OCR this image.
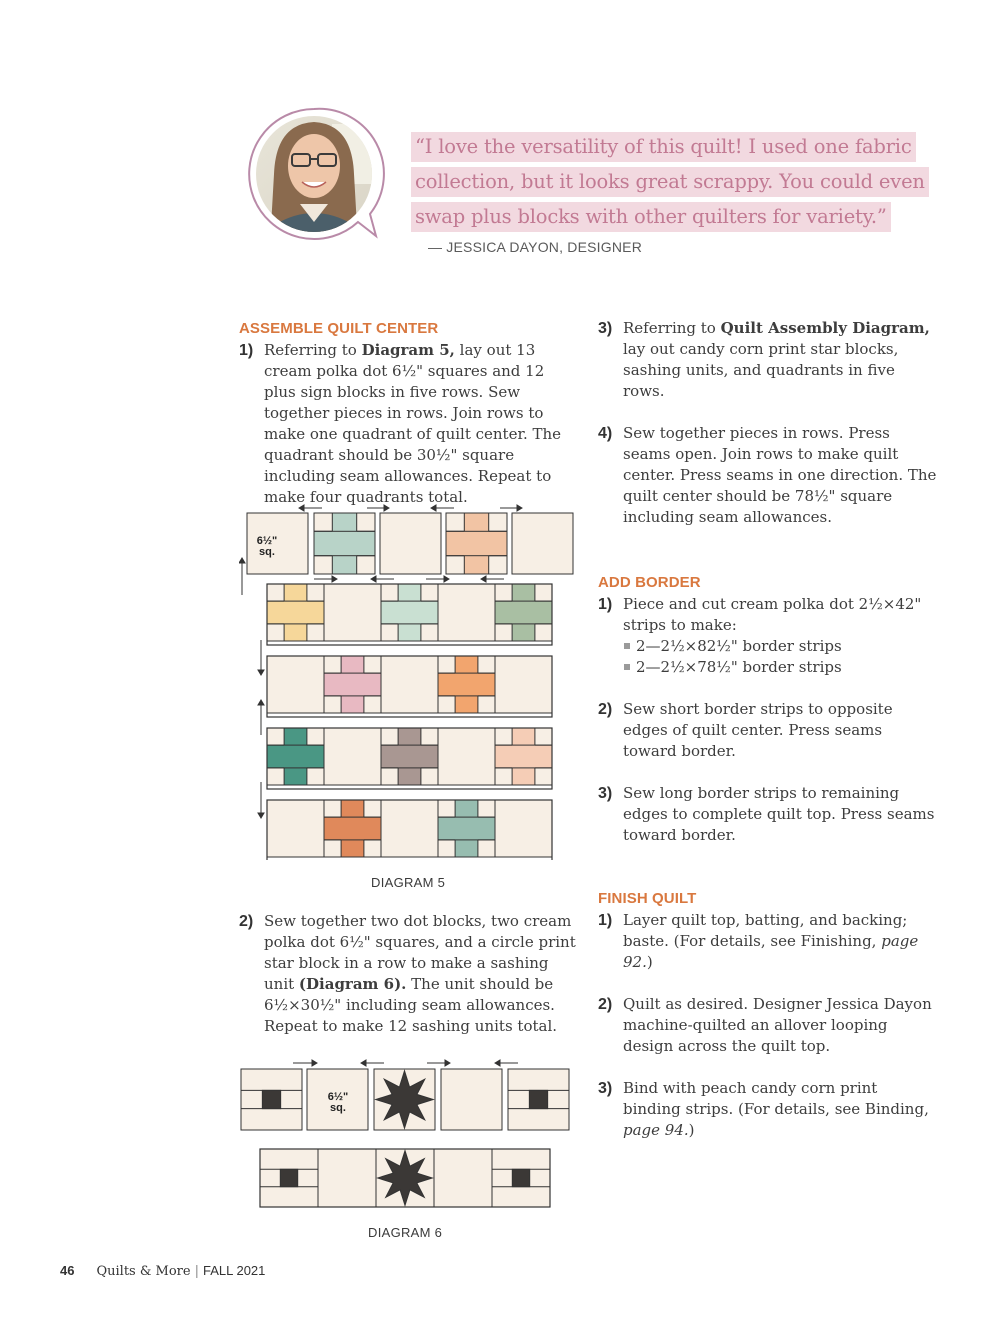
“I love the versatility of this quilt! I used one fabric
collection, but it looks great scrappy. You could even
swap plus blocks with other quilters for variety.”
— JESSICA DAYON, DESIGNER
ASSEMBLE QUILT CENTER
1) Referring to Diagram 5, lay out 13 cream polka dot 6½" squares and 12 plus sign blocks in five rows. Sew together pieces in rows. Join rows to make one quadrant of quilt center. The quadrant should be 30½" square including seam allowances. Repeat to make four quadrants total.
6½"
sq.
DIAGRAM 5
2) Sew together two dot blocks, two cream polka dot 6½" squares, and a circle print star block in a row to make a sashing unit (Diagram 6). The unit should be 6½×30½" including seam allowances. Repeat to make 12 sashing units total.
6½"
sq.
DIAGRAM 6
3) Referring to Quilt Assembly Diagram, lay out candy corn print star blocks, sashing units, and quadrants in five rows.
4) Sew together pieces in rows. Press seams open. Join rows to make quilt center. Press seams in one direction. The quilt center should be 78½" square including seam allowances.
ADD BORDER
1) Piece and cut cream polka dot 2½×42" strips to make:
2—2½×82½" border strips
2—2½×78½" border strips
2) Sew short border strips to opposite edges of quilt center. Press seams toward border.
3) Sew long border strips to remaining edges to complete quilt top. Press seams toward border.
FINISH QUILT
1) Layer quilt top, batting, and backing; baste. (For details, see Finishing, page 92.)
2) Quilt as desired. Designer Jessica Dayon machine-quilted an allover looping design across the quilt top.
3) Bind with peach candy corn print binding strips. (For details, see Binding, page 94.)
46 Quilts & More | FALL 2021
